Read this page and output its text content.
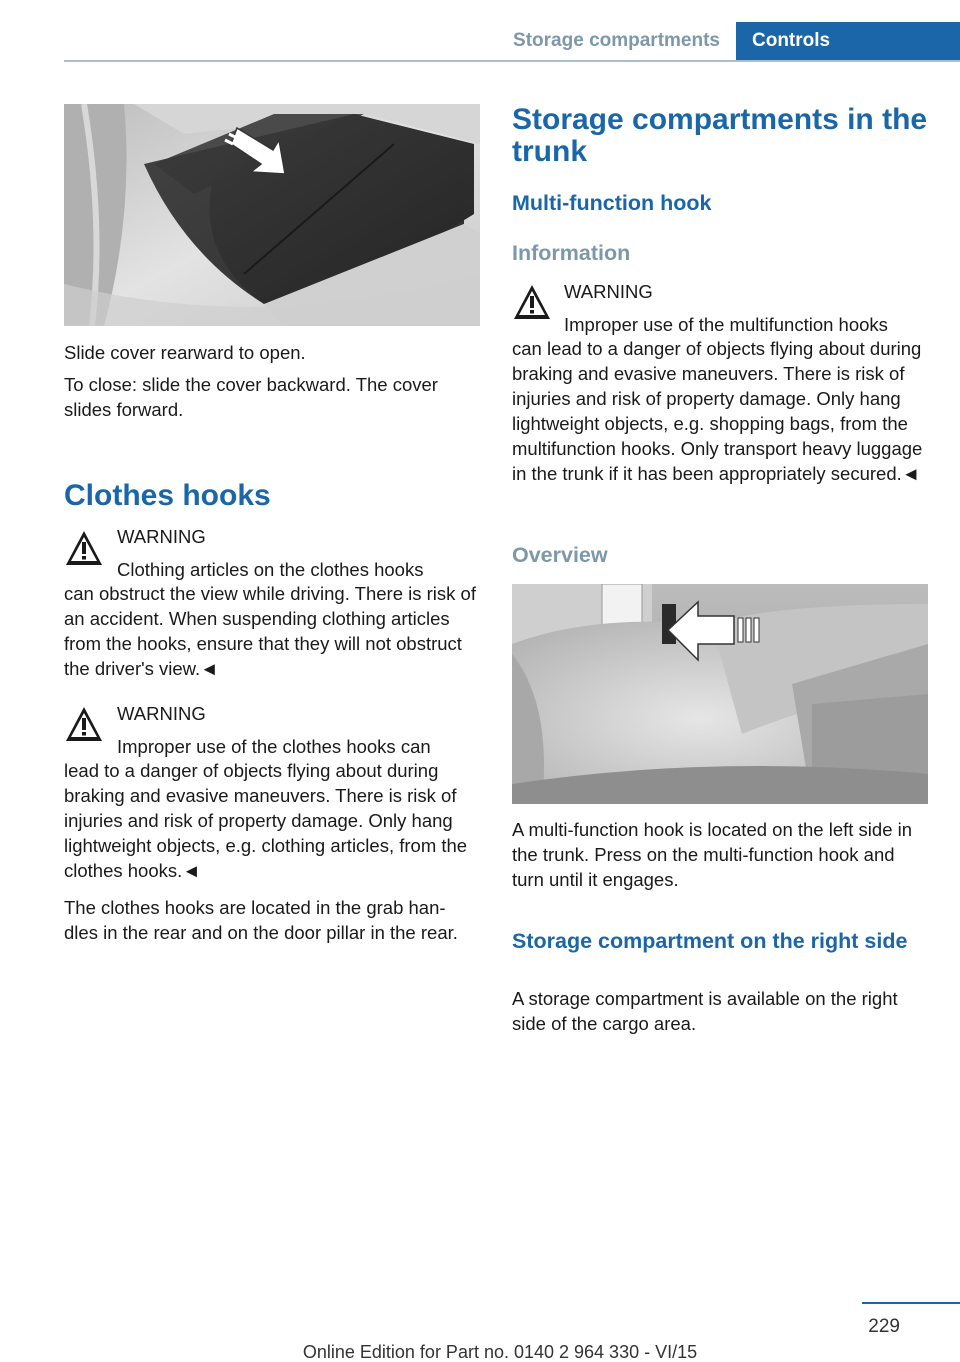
Storage compartments	Controls

Slide cover rearward to open.

To close: slide the cover backward. The cover slides forward.

Clothes hooks
WARNING
Clothing articles on the clothes hooks

can obstruct the view while driving. There is risk of an accident. When suspending clothing articles from the hooks, ensure that they will not obstruct the driver's view.◄

WARNING
Improper use of the clothes hooks can

lead to a danger of objects flying about during braking and evasive maneuvers. There is risk of injuries and risk of property damage. Only hang lightweight objects, e.g. clothing articles, from the clothes hooks.◄

The clothes hooks are located in the grab han-dles in the rear and on the door pillar in the rear.

Storage compartments in the trunk
Multi-function hook
Information
WARNING
Improper use of the multifunction hooks

can lead to a danger of objects flying about during braking and evasive maneuvers. There is risk of injuries and risk of property damage. Only hang lightweight objects, e.g. shopping bags, from the multifunction hooks. Only transport heavy luggage in the trunk if it has been appropriately secured.◄

Overview

A multi-function hook is located on the left side in the trunk. Press on the multi-function hook and turn until it engages.

Storage compartment on the right side

A storage compartment is available on the right side of the cargo area.

229
Online Edition for Part no. 0140 2 964 330 - VI/15
